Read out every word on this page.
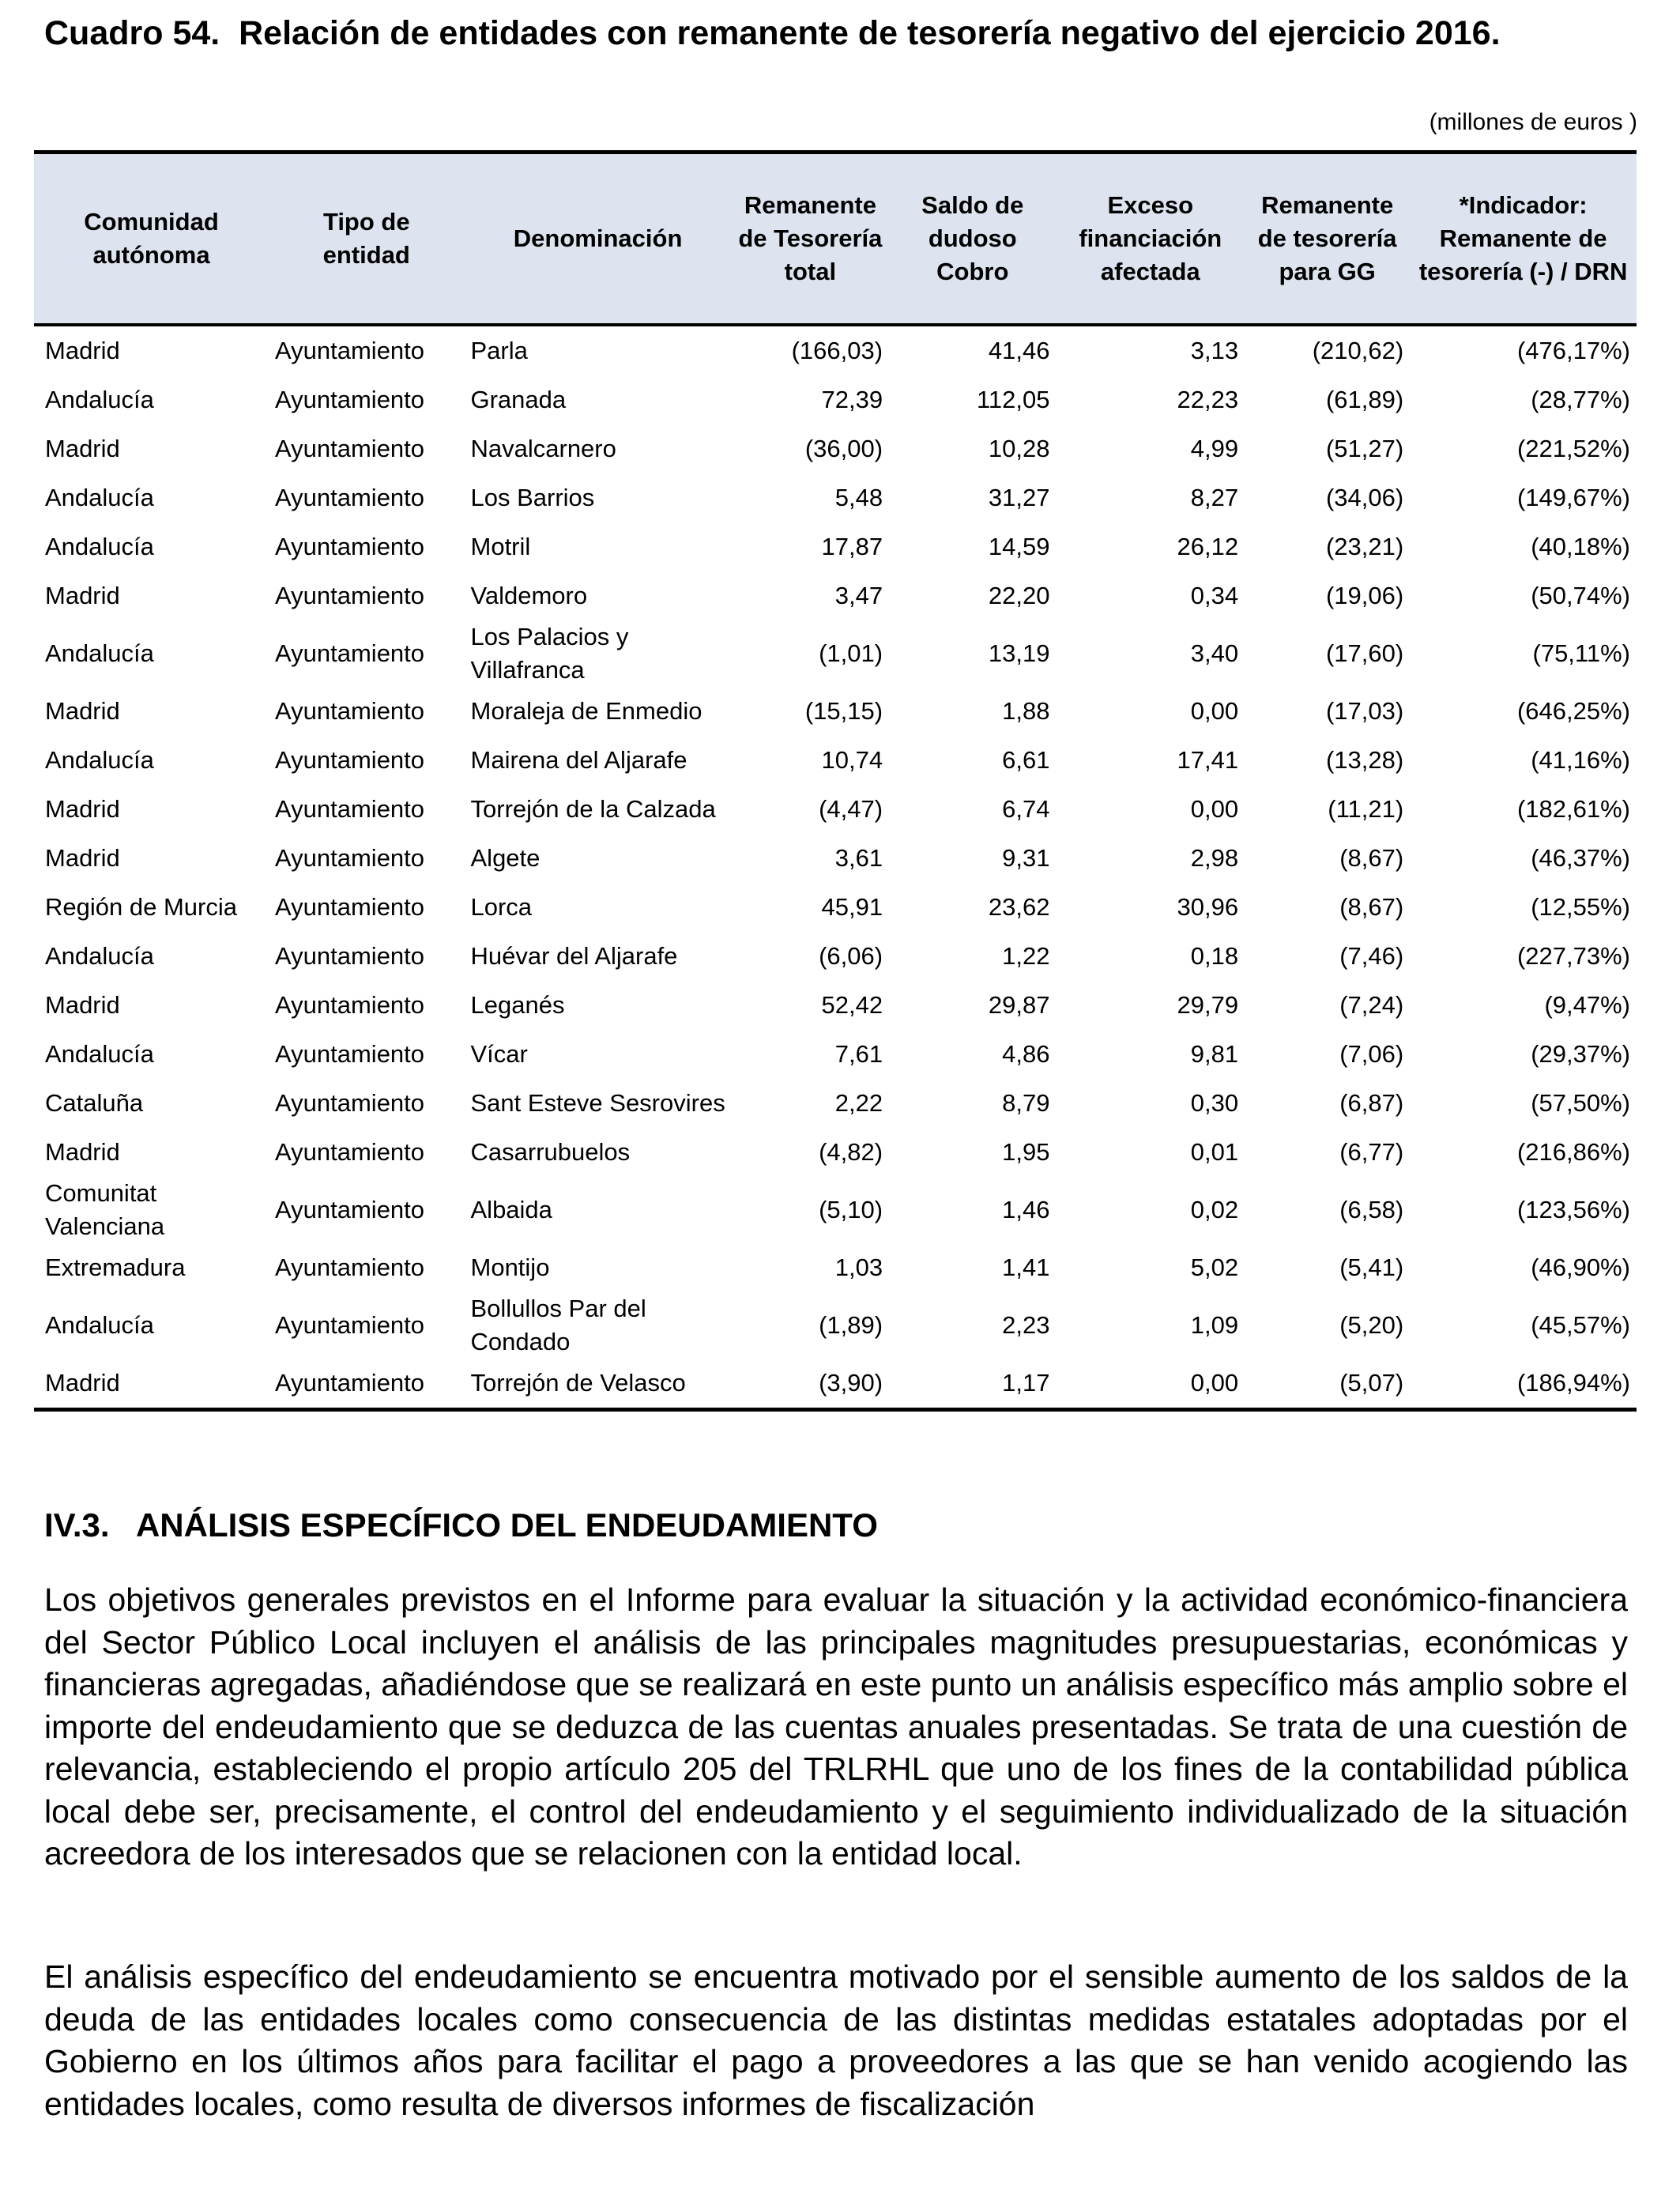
Cuadro 54.  Relación de entidades con remanente de tesorería negativo del ejercicio 2016.
(millones de euros )
Comunidad autónoma	Tipo de entidad	Denominación	Remanente de Tesorería total	Saldo de dudoso Cobro	Exceso financiación afectada	Remanente de tesorería para GG	*Indicador: Remanente de tesorería (-) / DRN
Madrid	Ayuntamiento	Parla	(166,03)	41,46	3,13	(210,62)	(476,17%)
Andalucía	Ayuntamiento	Granada	72,39	112,05	22,23	(61,89)	(28,77%)
Madrid	Ayuntamiento	Navalcarnero	(36,00)	10,28	4,99	(51,27)	(221,52%)
Andalucía	Ayuntamiento	Los Barrios	5,48	31,27	8,27	(34,06)	(149,67%)
Andalucía	Ayuntamiento	Motril	17,87	14,59	26,12	(23,21)	(40,18%)
Madrid	Ayuntamiento	Valdemoro	3,47	22,20	0,34	(19,06)	(50,74%)
Andalucía	Ayuntamiento	Los Palacios y Villafranca	(1,01)	13,19	3,40	(17,60)	(75,11%)
Madrid	Ayuntamiento	Moraleja de Enmedio	(15,15)	1,88	0,00	(17,03)	(646,25%)
Andalucía	Ayuntamiento	Mairena del Aljarafe	10,74	6,61	17,41	(13,28)	(41,16%)
Madrid	Ayuntamiento	Torrejón de la Calzada	(4,47)	6,74	0,00	(11,21)	(182,61%)
Madrid	Ayuntamiento	Algete	3,61	9,31	2,98	(8,67)	(46,37%)
Región de Murcia	Ayuntamiento	Lorca	45,91	23,62	30,96	(8,67)	(12,55%)
Andalucía	Ayuntamiento	Huévar del Aljarafe	(6,06)	1,22	0,18	(7,46)	(227,73%)
Madrid	Ayuntamiento	Leganés	52,42	29,87	29,79	(7,24)	(9,47%)
Andalucía	Ayuntamiento	Vícar	7,61	4,86	9,81	(7,06)	(29,37%)
Cataluña	Ayuntamiento	Sant Esteve Sesrovires	2,22	8,79	0,30	(6,87)	(57,50%)
Madrid	Ayuntamiento	Casarrubuelos	(4,82)	1,95	0,01	(6,77)	(216,86%)
Comunitat Valenciana	Ayuntamiento	Albaida	(5,10)	1,46	0,02	(6,58)	(123,56%)
Extremadura	Ayuntamiento	Montijo	1,03	1,41	5,02	(5,41)	(46,90%)
Andalucía	Ayuntamiento	Bollullos Par del Condado	(1,89)	2,23	1,09	(5,20)	(45,57%)
Madrid	Ayuntamiento	Torrejón de Velasco	(3,90)	1,17	0,00	(5,07)	(186,94%)
IV.3.   ANÁLISIS ESPECÍFICO DEL ENDEUDAMIENTO

Los objetivos generales previstos en el Informe para evaluar la situación y la actividad económico-financiera del Sector Público Local incluyen el análisis de las principales magnitudes presupuestarias, económicas y financieras agregadas, añadiéndose que se realizará en este punto un análisis específico más amplio sobre el importe del endeudamiento que se deduzca de las cuentas anuales presentadas. Se trata de una cuestión de relevancia, estableciendo el propio artículo 205 del TRLRHL que uno de los fines de la contabilidad pública local debe ser, precisamente, el control del endeudamiento y el seguimiento individualizado de la situación acreedora de los interesados que se relacionen con la entidad local.

El análisis específico del endeudamiento se encuentra motivado por el sensible aumento de los saldos de la deuda de las entidades locales como consecuencia de las distintas medidas estatales adoptadas por el Gobierno en los últimos años para facilitar el pago a proveedores a las que se han venido acogiendo las entidades locales, como resulta de diversos informes de fiscalización
